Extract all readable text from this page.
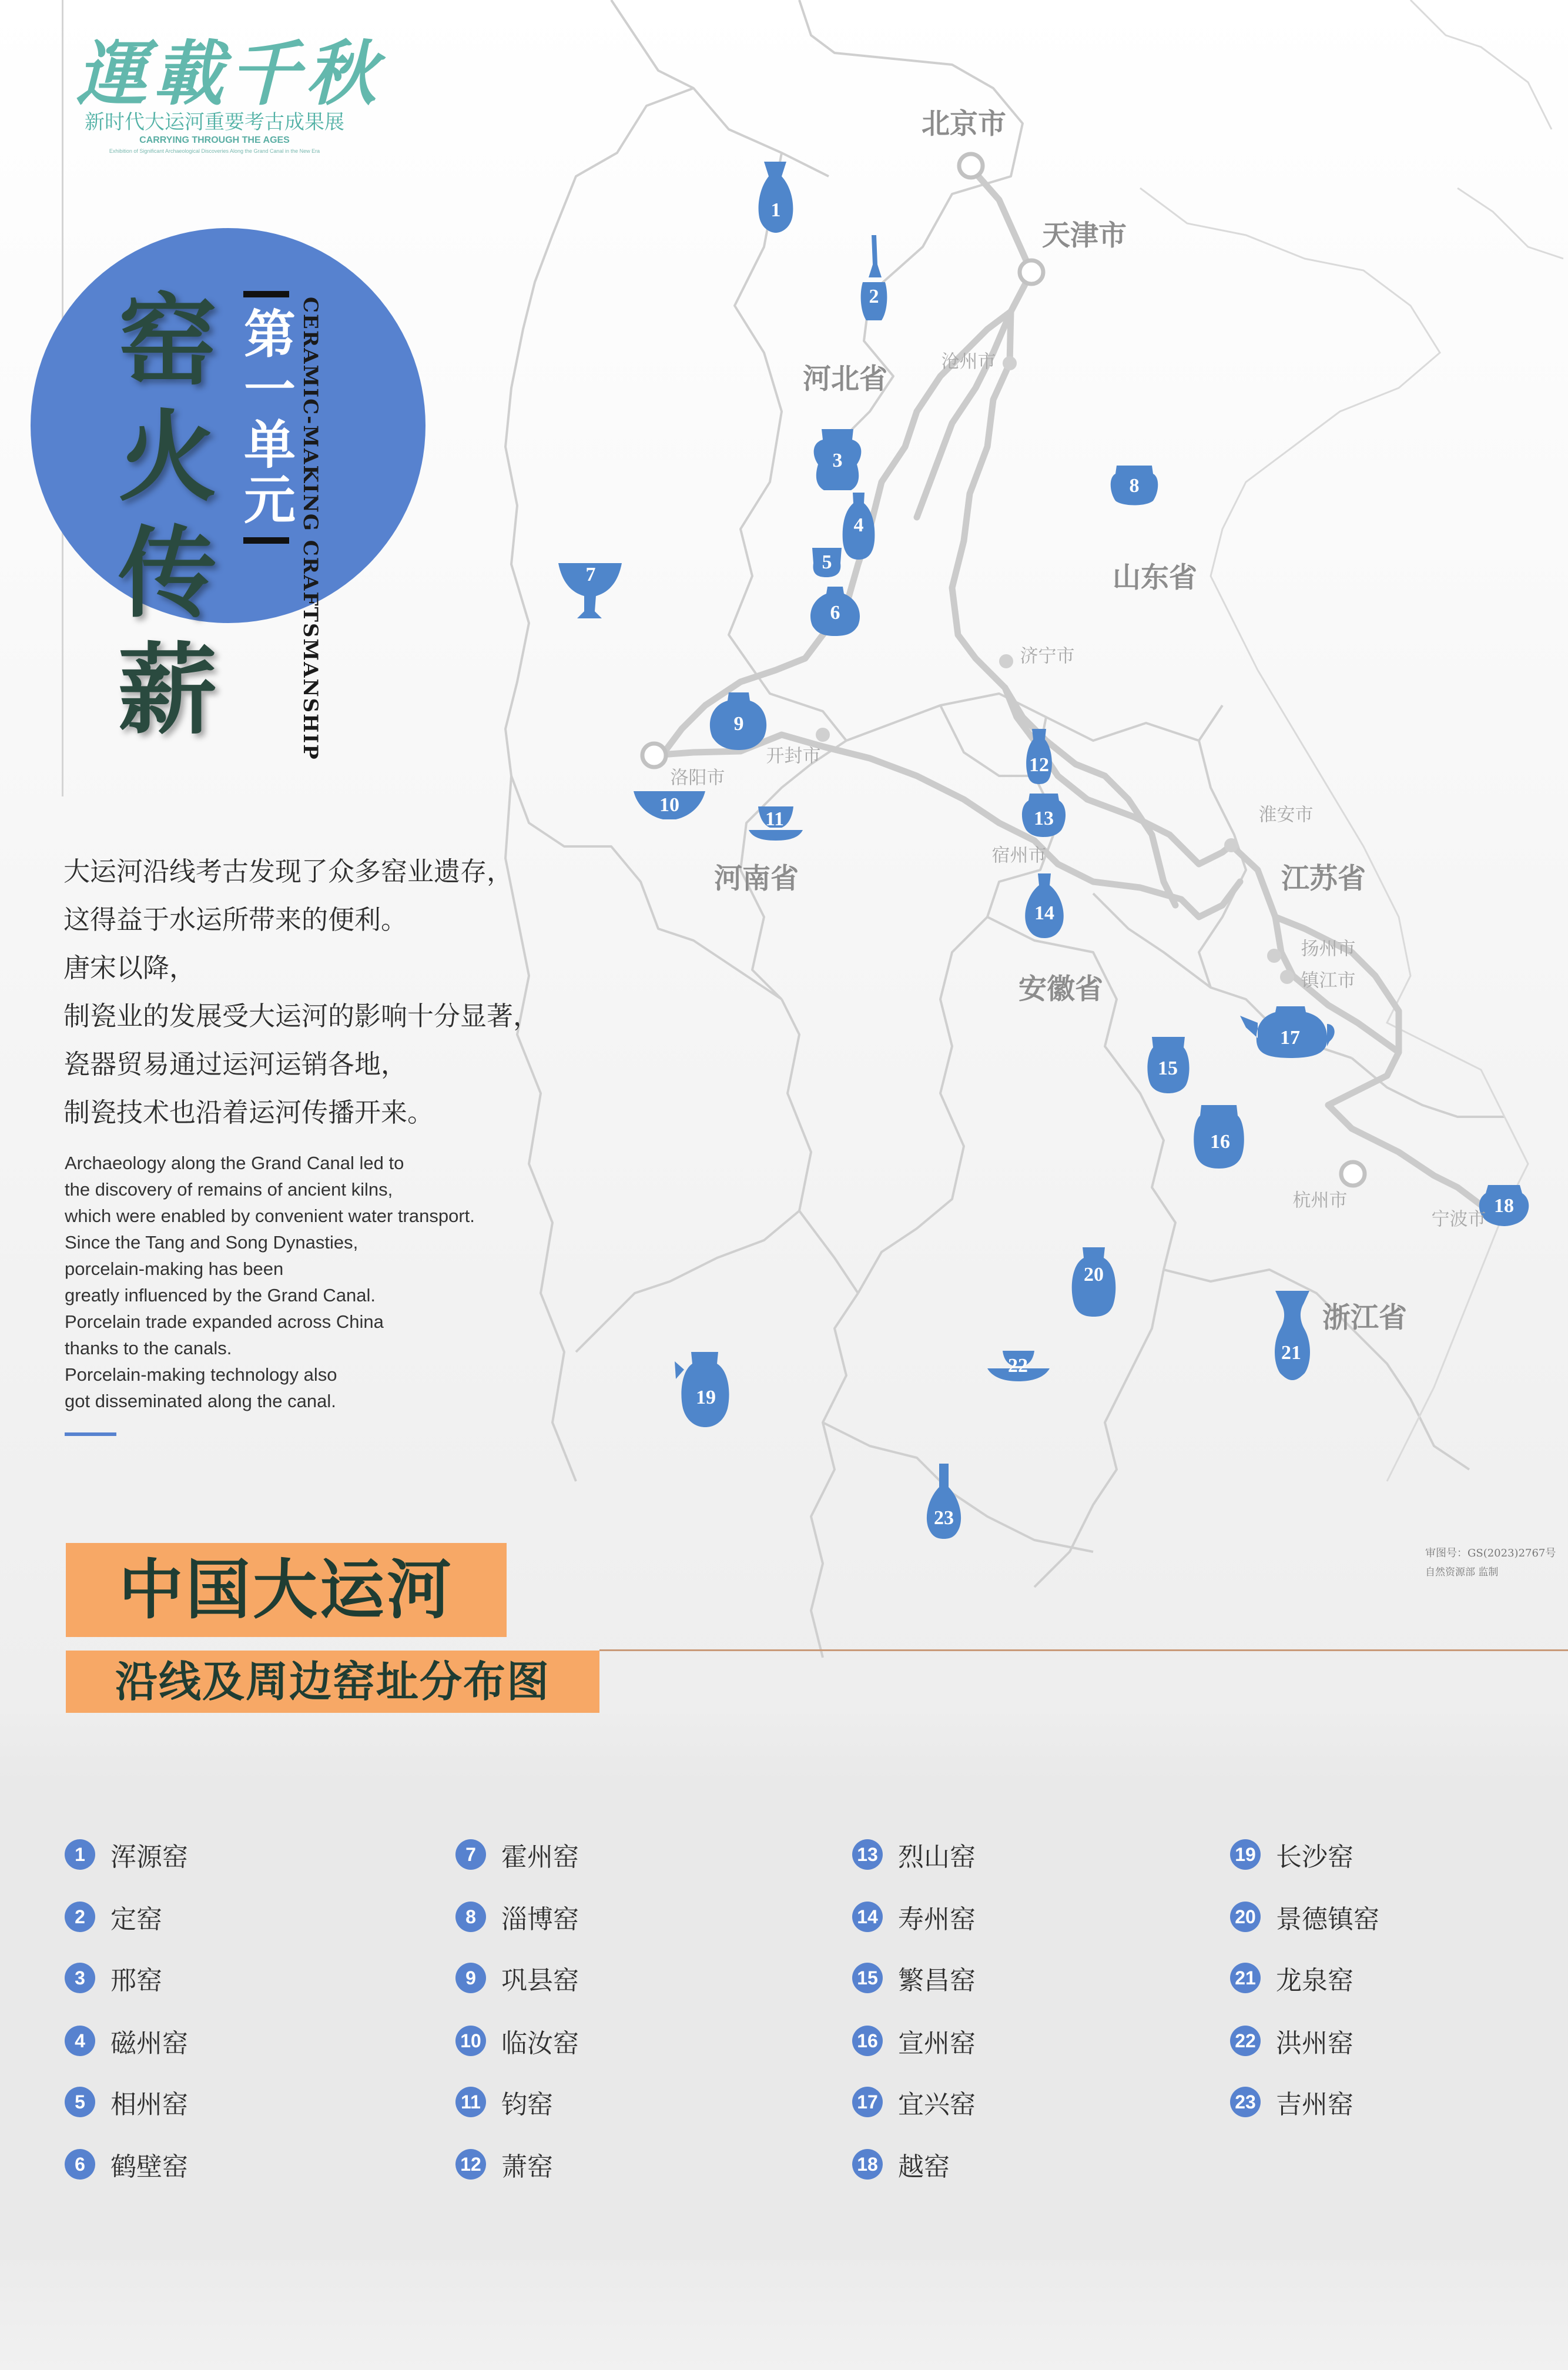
1
2
3
4
5
6
7
8
9
10
11
12
13
14
15
16
17
18
19
20
21
22
23
河北省
山东省
河南省
安徽省
江苏省
浙江省
北京市
天津市
沧州市
济宁市
开封市
洛阳市
宿州市
淮安市
扬州市
镇江市
杭州市
宁波市
审图号：GS(2023)2767号
自然资源部 监制
運載千秋
新时代大运河重要考古成果展
CARRYING THROUGH THE AGES
Exhibition of Significant Archaeological Discoveries Along the Grand Canal in the New Era
窑
火
传
薪
第一单元 CERAMIC-MAKING CRAFTSMANSHIP
大运河沿线考古发现了众多窑业遗存，
这得益于水运所带来的便利。
唐宋以降，
制瓷业的发展受大运河的影响十分显著，
瓷器贸易通过运河运销各地，
制瓷技术也沿着运河传播开来。
Archaeology along the Grand Canal led to
the discovery of remains of ancient kilns,
which were enabled by convenient water transport.
Since the Tang and Song Dynasties,
porcelain-making has been
greatly influenced by the Grand Canal.
Porcelain trade expanded across China
thanks to the canals.
Porcelain-making technology also
got disseminated along the canal.
中国大运河
沿线及周边窑址分布图
1 浑源窑
2 定窑
3 邢窑
4 磁州窑
5 相州窑
6 鹤壁窑
7 霍州窑
8 淄博窑
9 巩县窑
10 临汝窑
11 钧窑
12 萧窑
13 烈山窑
14 寿州窑
15 繁昌窑
16 宣州窑
17 宜兴窑
18 越窑
19 长沙窑
20 景德镇窑
21 龙泉窑
22 洪州窑
23 吉州窑
